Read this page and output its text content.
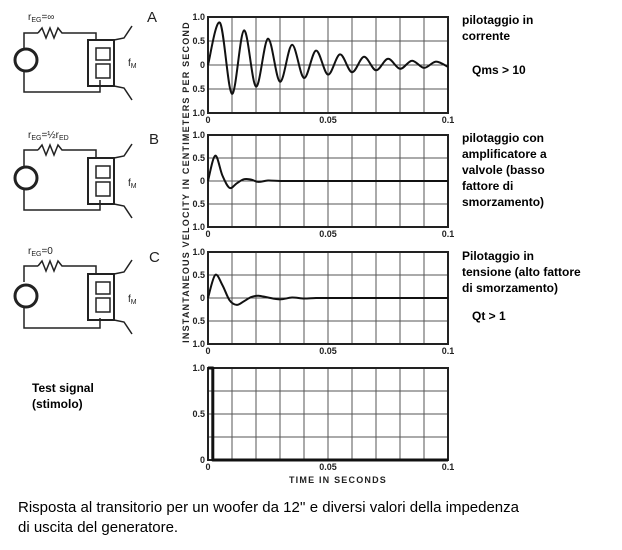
$r_{EG}=\infty$
$f_M$
A
$r_{EG}=\frac{1}{2}r_{ED}$
$f_M$
B
$r_{EG}=0$
$f_M$
C INSTANTANEOUS VELOCITY IN CENTIMETERS PER SECOND
1.0
0.5
0
0.5
1.0
0	0.05	0.1
1.0
0.5
0
0.5
1.0
0	0.05	0.1
1.0
0.5
0
0.5
1.0
0	0.05	0.1
1.0
0.5
0
0	0.05	0.1
TIME IN SECONDS
pilotaggio in
corrente
Qms > 10
pilotaggio con
amplificatore a
valvole (basso
fattore di
smorzamento)
Pilotaggio in
tensione (alto fattore
di smorzamento)
Qt > 1
Test signal
(stimolo)
Risposta al transitorio per un woofer da 12'' e diversi valori della impedenza
di uscita del generatore.
